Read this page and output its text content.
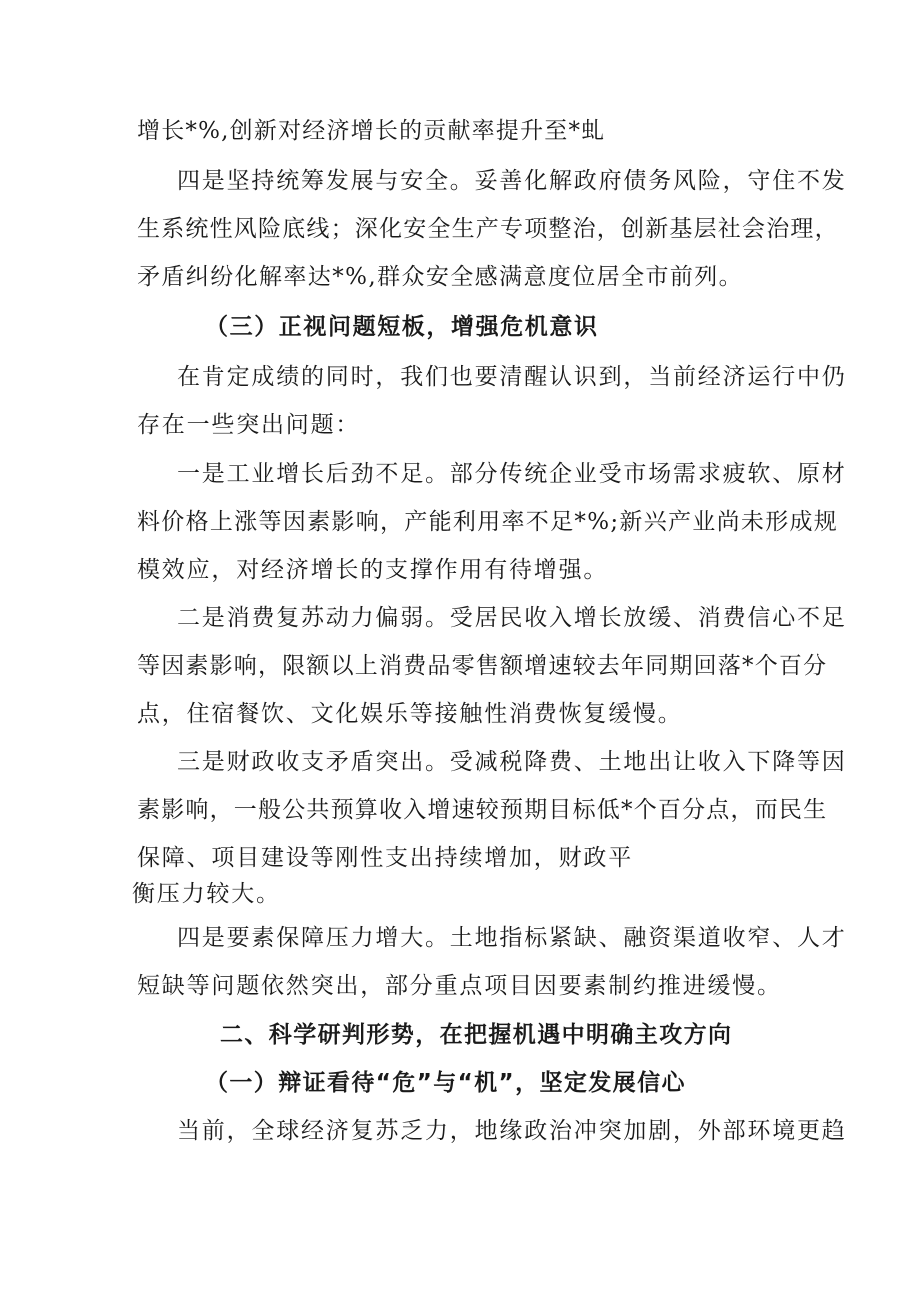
增长*%,创新对经济增长的贡献率提升至*虬
四是坚持统筹发展与安全。妥善化解政府债务风险，守住不发
生系统性风险底线；深化安全生产专项整治，创新基层社会治理，
矛盾纠纷化解率达*%,群众安全感满意度位居全市前列。
（三）正视问题短板，增强危机意识
在肯定成绩的同时，我们也要清醒认识到，当前经济运行中仍
存在一些突出问题：
一是工业增长后劲不足。部分传统企业受市场需求疲软、原材
料价格上涨等因素影响，产能利用率不足*%;新兴产业尚未形成规
模效应，对经济增长的支撑作用有待增强。
二是消费复苏动力偏弱。受居民收入增长放缓、消费信心不足
等因素影响，限额以上消费品零售额增速较去年同期回落*个百分
点，住宿餐饮、文化娱乐等接触性消费恢复缓慢。
三是财政收支矛盾突出。受减税降费、土地出让收入下降等因
素影响，一般公共预算收入增速较预期目标低*个百分点，而民生
保障、项目建设等刚性支出持续增加，财政平
衡压力较大。
四是要素保障压力增大。土地指标紧缺、融资渠道收窄、人才
短缺等问题依然突出，部分重点项目因要素制约推进缓慢。
二、科学研判形势，在把握机遇中明确主攻方向
（一）辩证看待“危”与“机”，坚定发展信心
当前，全球经济复苏乏力，地缘政治冲突加剧，外部环境更趋
